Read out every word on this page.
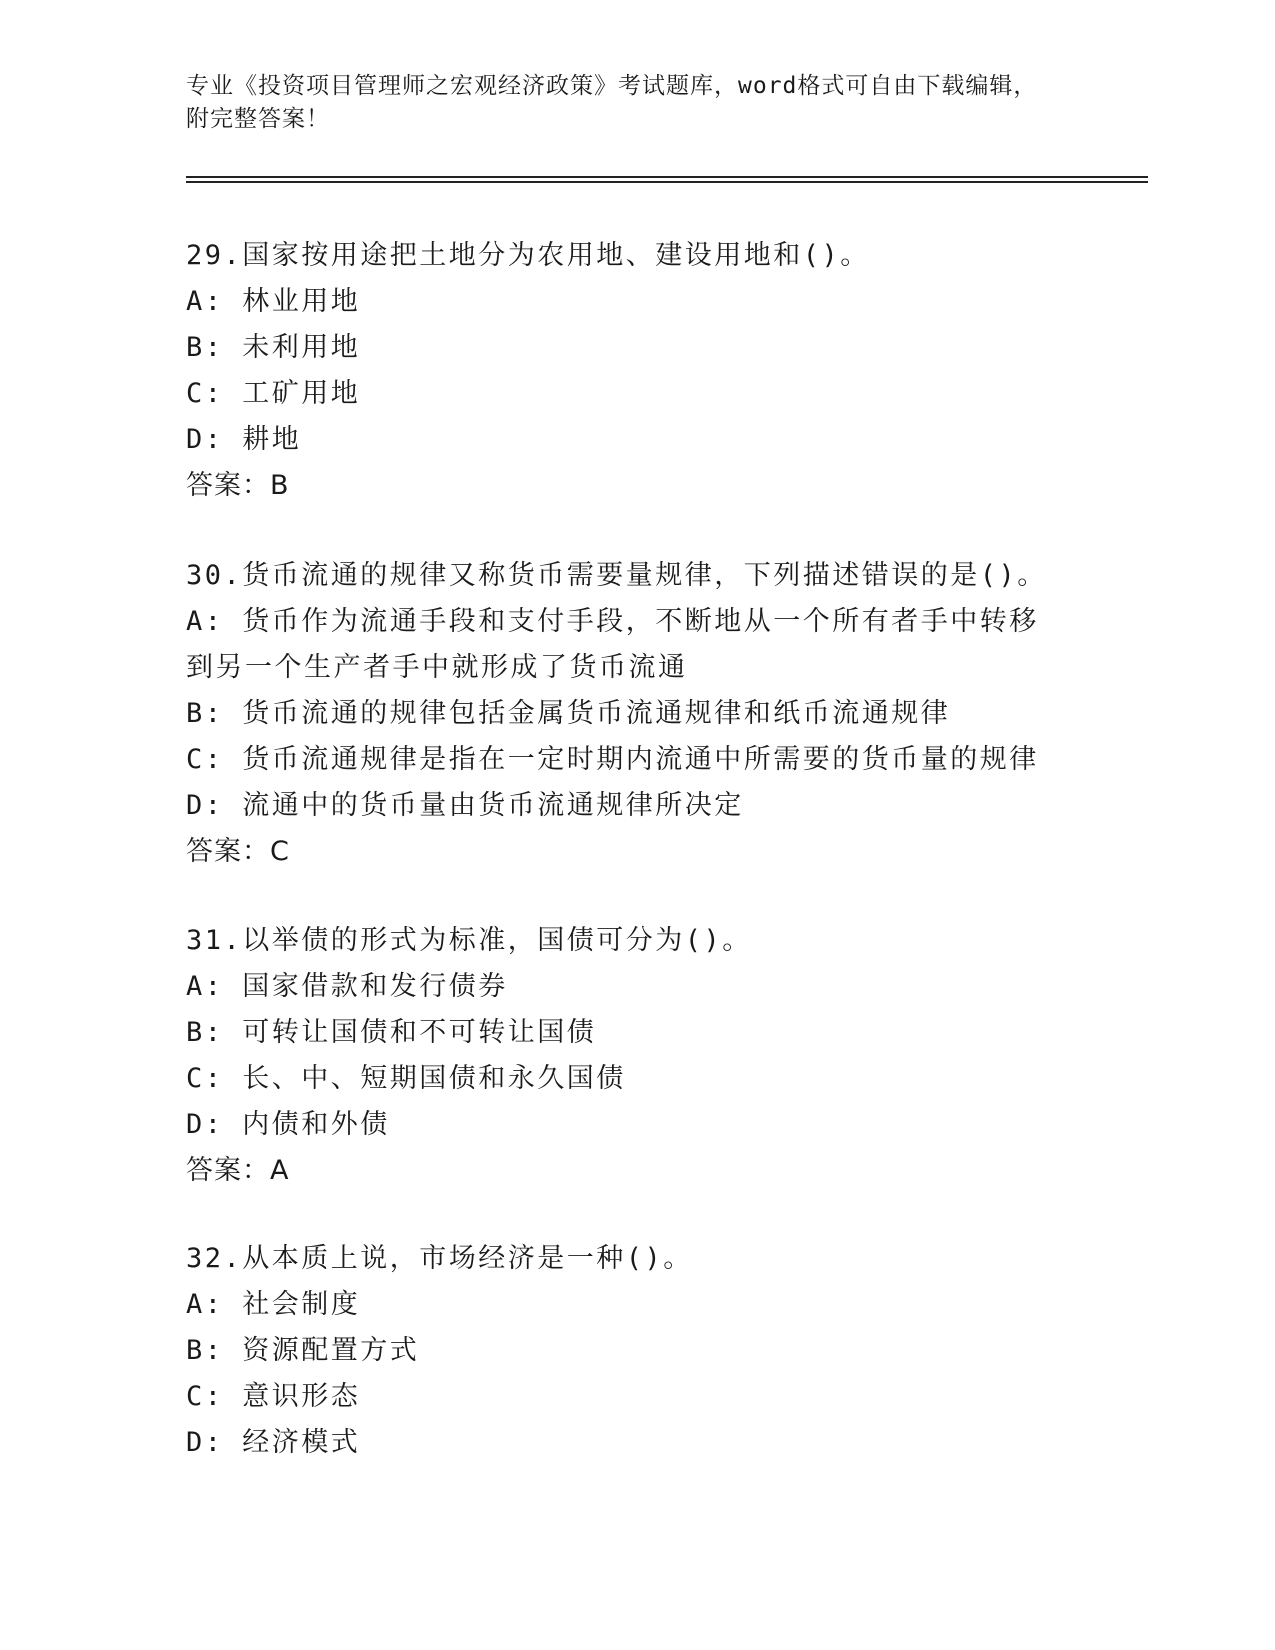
专业《投资项目管理师之宏观经济政策》考试题库，word格式可自由下载编辑，
附完整答案！
29.国家按用途把土地分为农用地、建设用地和()。
A: 林业用地
B: 未利用地
C: 工矿用地
D: 耕地
答案：B
30.货币流通的规律又称货币需要量规律，下列描述错误的是()。
A: 货币作为流通手段和支付手段，不断地从一个所有者手中转移到另一个生产者手中就形成了货币流通
B: 货币流通的规律包括金属货币流通规律和纸币流通规律
C: 货币流通规律是指在一定时期内流通中所需要的货币量的规律
D: 流通中的货币量由货币流通规律所决定
答案：C
31.以举债的形式为标准，国债可分为()。
A: 国家借款和发行债券
B: 可转让国债和不可转让国债
C: 长、中、短期国债和永久国债
D: 内债和外债
答案：A
32.从本质上说，市场经济是一种()。
A: 社会制度
B: 资源配置方式
C: 意识形态
D: 经济模式
